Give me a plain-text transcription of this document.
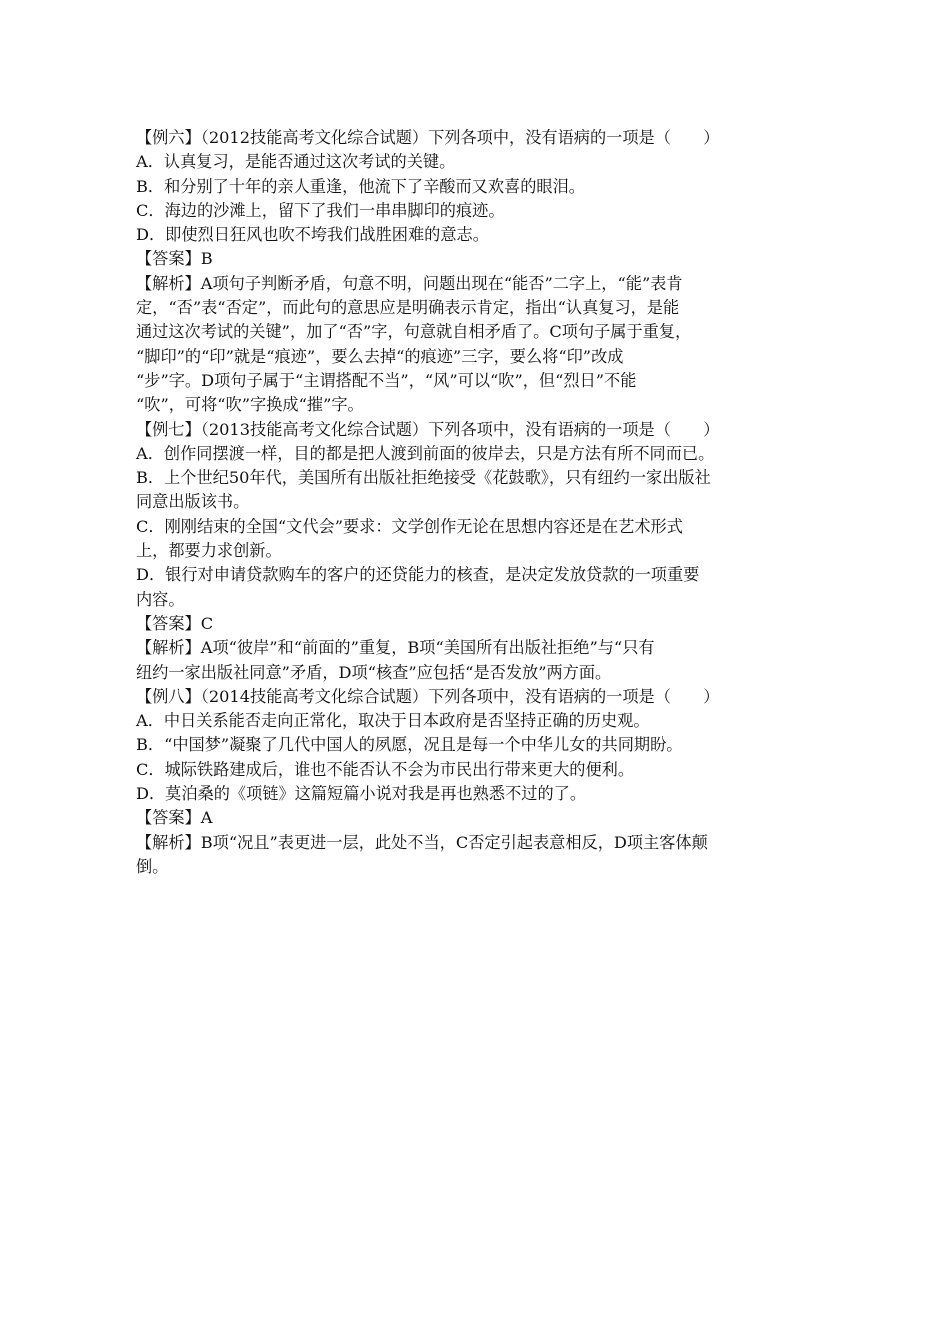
【例六】（2012技能高考文化综合试题）下列各项中，没有语病的一项是（　　）
A．认真复习，是能否通过这次考试的关键。
B．和分别了十年的亲人重逢，他流下了辛酸而又欢喜的眼泪。
C．海边的沙滩上，留下了我们一串串脚印的痕迹。
D．即使烈日狂风也吹不垮我们战胜困难的意志。
【答案】B
【解析】A项句子判断矛盾，句意不明，问题出现在“能否”二字上，“能”表肯
定，“否”表“否定”，而此句的意思应是明确表示肯定，指出“认真复习，是能
通过这次考试的关键”，加了“否”字，句意就自相矛盾了。C项句子属于重复，
“脚印”的“印”就是“痕迹”，要么去掉“的痕迹”三字，要么将“印”改成
“步”字。D项句子属于“主谓搭配不当”，“风”可以“吹”，但“烈日”不能
“吹”，可将“吹”字换成“摧”字。
【例七】（2013技能高考文化综合试题）下列各项中，没有语病的一项是（　　）
A．创作同摆渡一样，目的都是把人渡到前面的彼岸去，只是方法有所不同而已。
B．上个世纪50年代，美国所有出版社拒绝接受《花鼓歌》，只有纽约一家出版社
同意出版该书。
C．刚刚结束的全国“文代会”要求：文学创作无论在思想内容还是在艺术形式
上，都要力求创新。
D．银行对申请贷款购车的客户的还贷能力的核查，是决定发放贷款的一项重要
内容。
【答案】C
【解析】A项“彼岸”和“前面的”重复，B项“美国所有出版社拒绝”与“只有
纽约一家出版社同意”矛盾，D项“核查”应包括“是否发放”两方面。
【例八】（2014技能高考文化综合试题）下列各项中，没有语病的一项是（　　）
A．中日关系能否走向正常化，取决于日本政府是否坚持正确的历史观。
B．“中国梦”凝聚了几代中国人的夙愿，况且是每一个中华儿女的共同期盼。
C．城际铁路建成后，谁也不能否认不会为市民出行带来更大的便利。
D．莫泊桑的《项链》这篇短篇小说对我是再也熟悉不过的了。
【答案】A
【解析】B项“况且”表更进一层，此处不当，C否定引起表意相反，D项主客体颠
倒。
